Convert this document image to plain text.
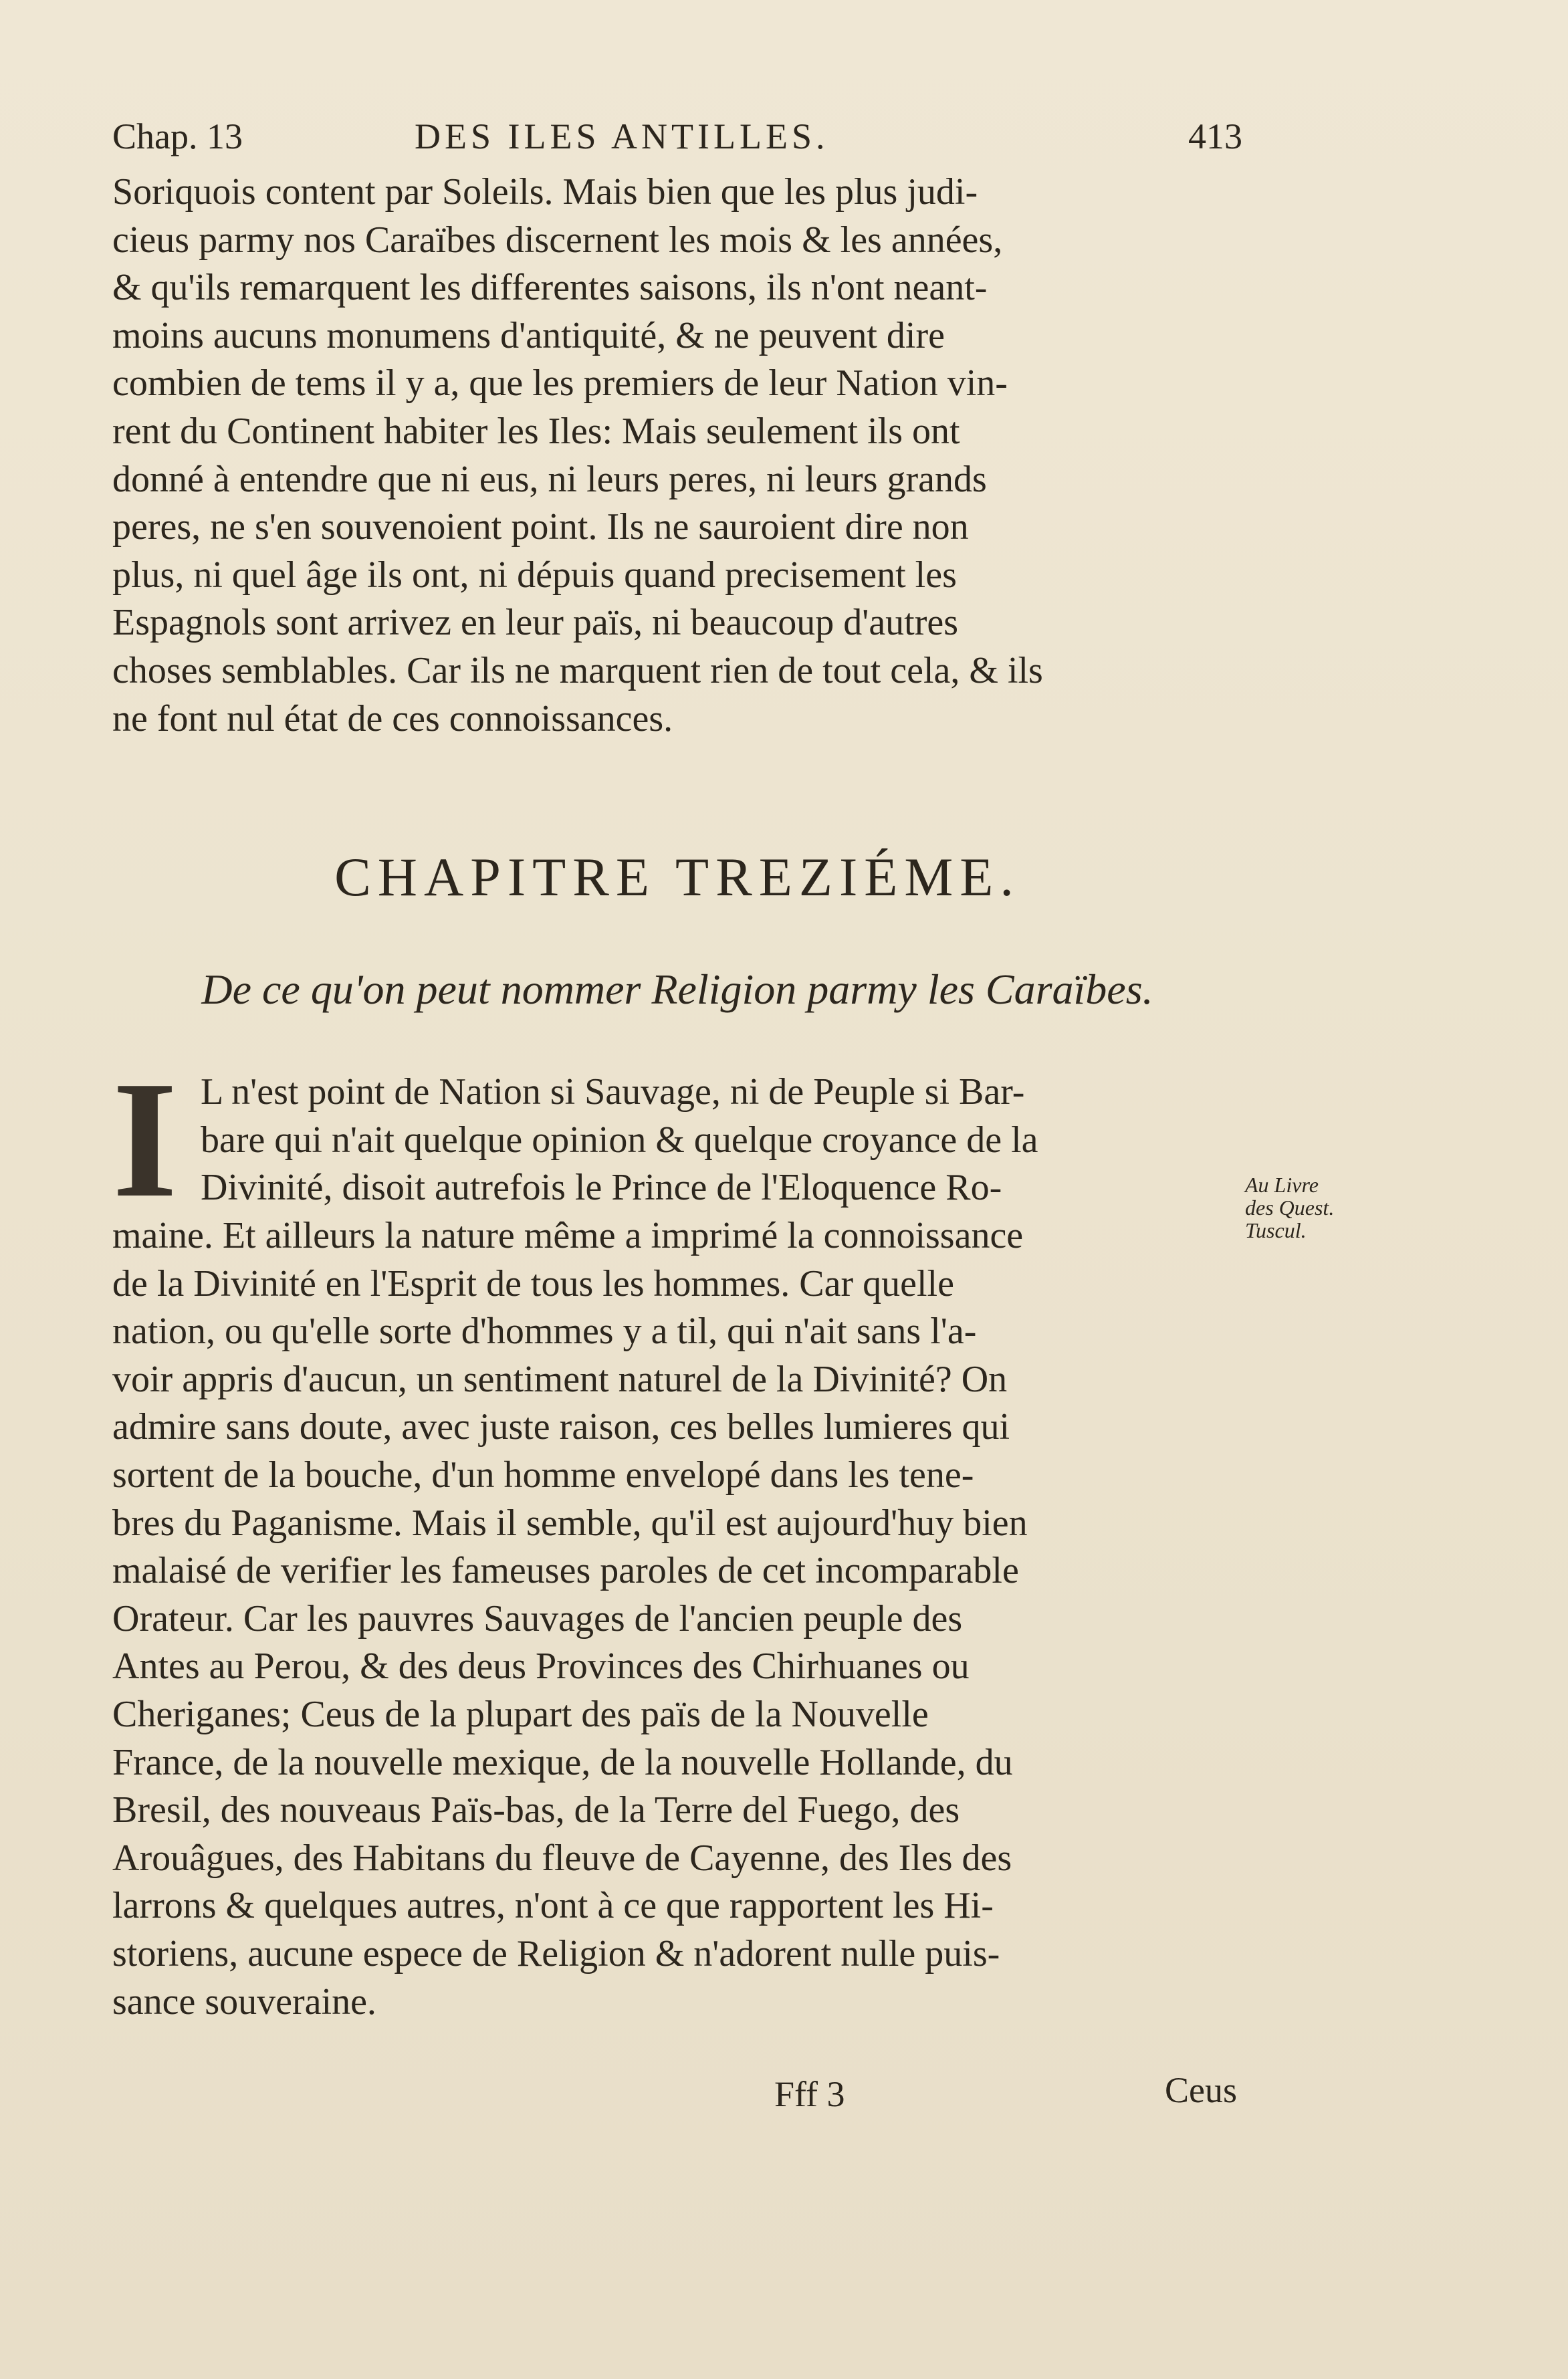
Chap. 13	DES ILES ANTILLES.	413
Soriquois content par Soleils. Mais bien que les plus judi-
cieus parmy nos Caraïbes discernent les mois & les années,
& qu'ils remarquent les differentes saisons, ils n'ont neant-
moins aucuns monumens d'antiquité, & ne peuvent dire
combien de tems il y a, que les premiers de leur Nation vin-
rent du Continent habiter les Iles: Mais seulement ils ont
donné à entendre que ni eus, ni leurs peres, ni leurs grands
peres, ne s'en souvenoient point. Ils ne sauroient dire non
plus, ni quel âge ils ont, ni dépuis quand precisement les
Espagnols sont arrivez en leur païs, ni beaucoup d'autres
choses semblables. Car ils ne marquent rien de tout cela, & ils
ne font nul état de ces connoissances.
CHAPITRE TREZIÉME.
De ce qu'on peut nommer Religion parmy les Caraïbes.
I L n'est point de Nation si Sauvage, ni de Peuple si Bar-
bare qui n'ait quelque opinion & quelque croyance de la
Divinité, disoit autrefois le Prince de l'Eloquence Ro-	Au Livre
des Quest.
Tuscul.
maine. Et ailleurs la nature même a imprimé la connoissance
de la Divinité en l'Esprit de tous les hommes. Car quelle
nation, ou qu'elle sorte d'hommes y a til, qui n'ait sans l'a-
voir appris d'aucun, un sentiment naturel de la Divinité? On
admire sans doute, avec juste raison, ces belles lumieres qui
sortent de la bouche, d'un homme envelopé dans les tene-
bres du Paganisme. Mais il semble, qu'il est aujourd'huy bien
malaisé de verifier les fameuses paroles de cet incomparable
Orateur. Car les pauvres Sauvages de l'ancien peuple des
Antes au Perou, & des deus Provinces des Chirhuanes ou
Cheriganes; Ceus de la plupart des païs de la Nouvelle
France, de la nouvelle mexique, de la nouvelle Hollande, du
Bresil, des nouveaus Païs-bas, de la Terre del Fuego, des
Arouâgues, des Habitans du fleuve de Cayenne, des Iles des
larrons & quelques autres, n'ont à ce que rapportent les Hi-
storiens, aucune espece de Religion & n'adorent nulle puis-
sance souveraine.
Fff 3	Ceus
